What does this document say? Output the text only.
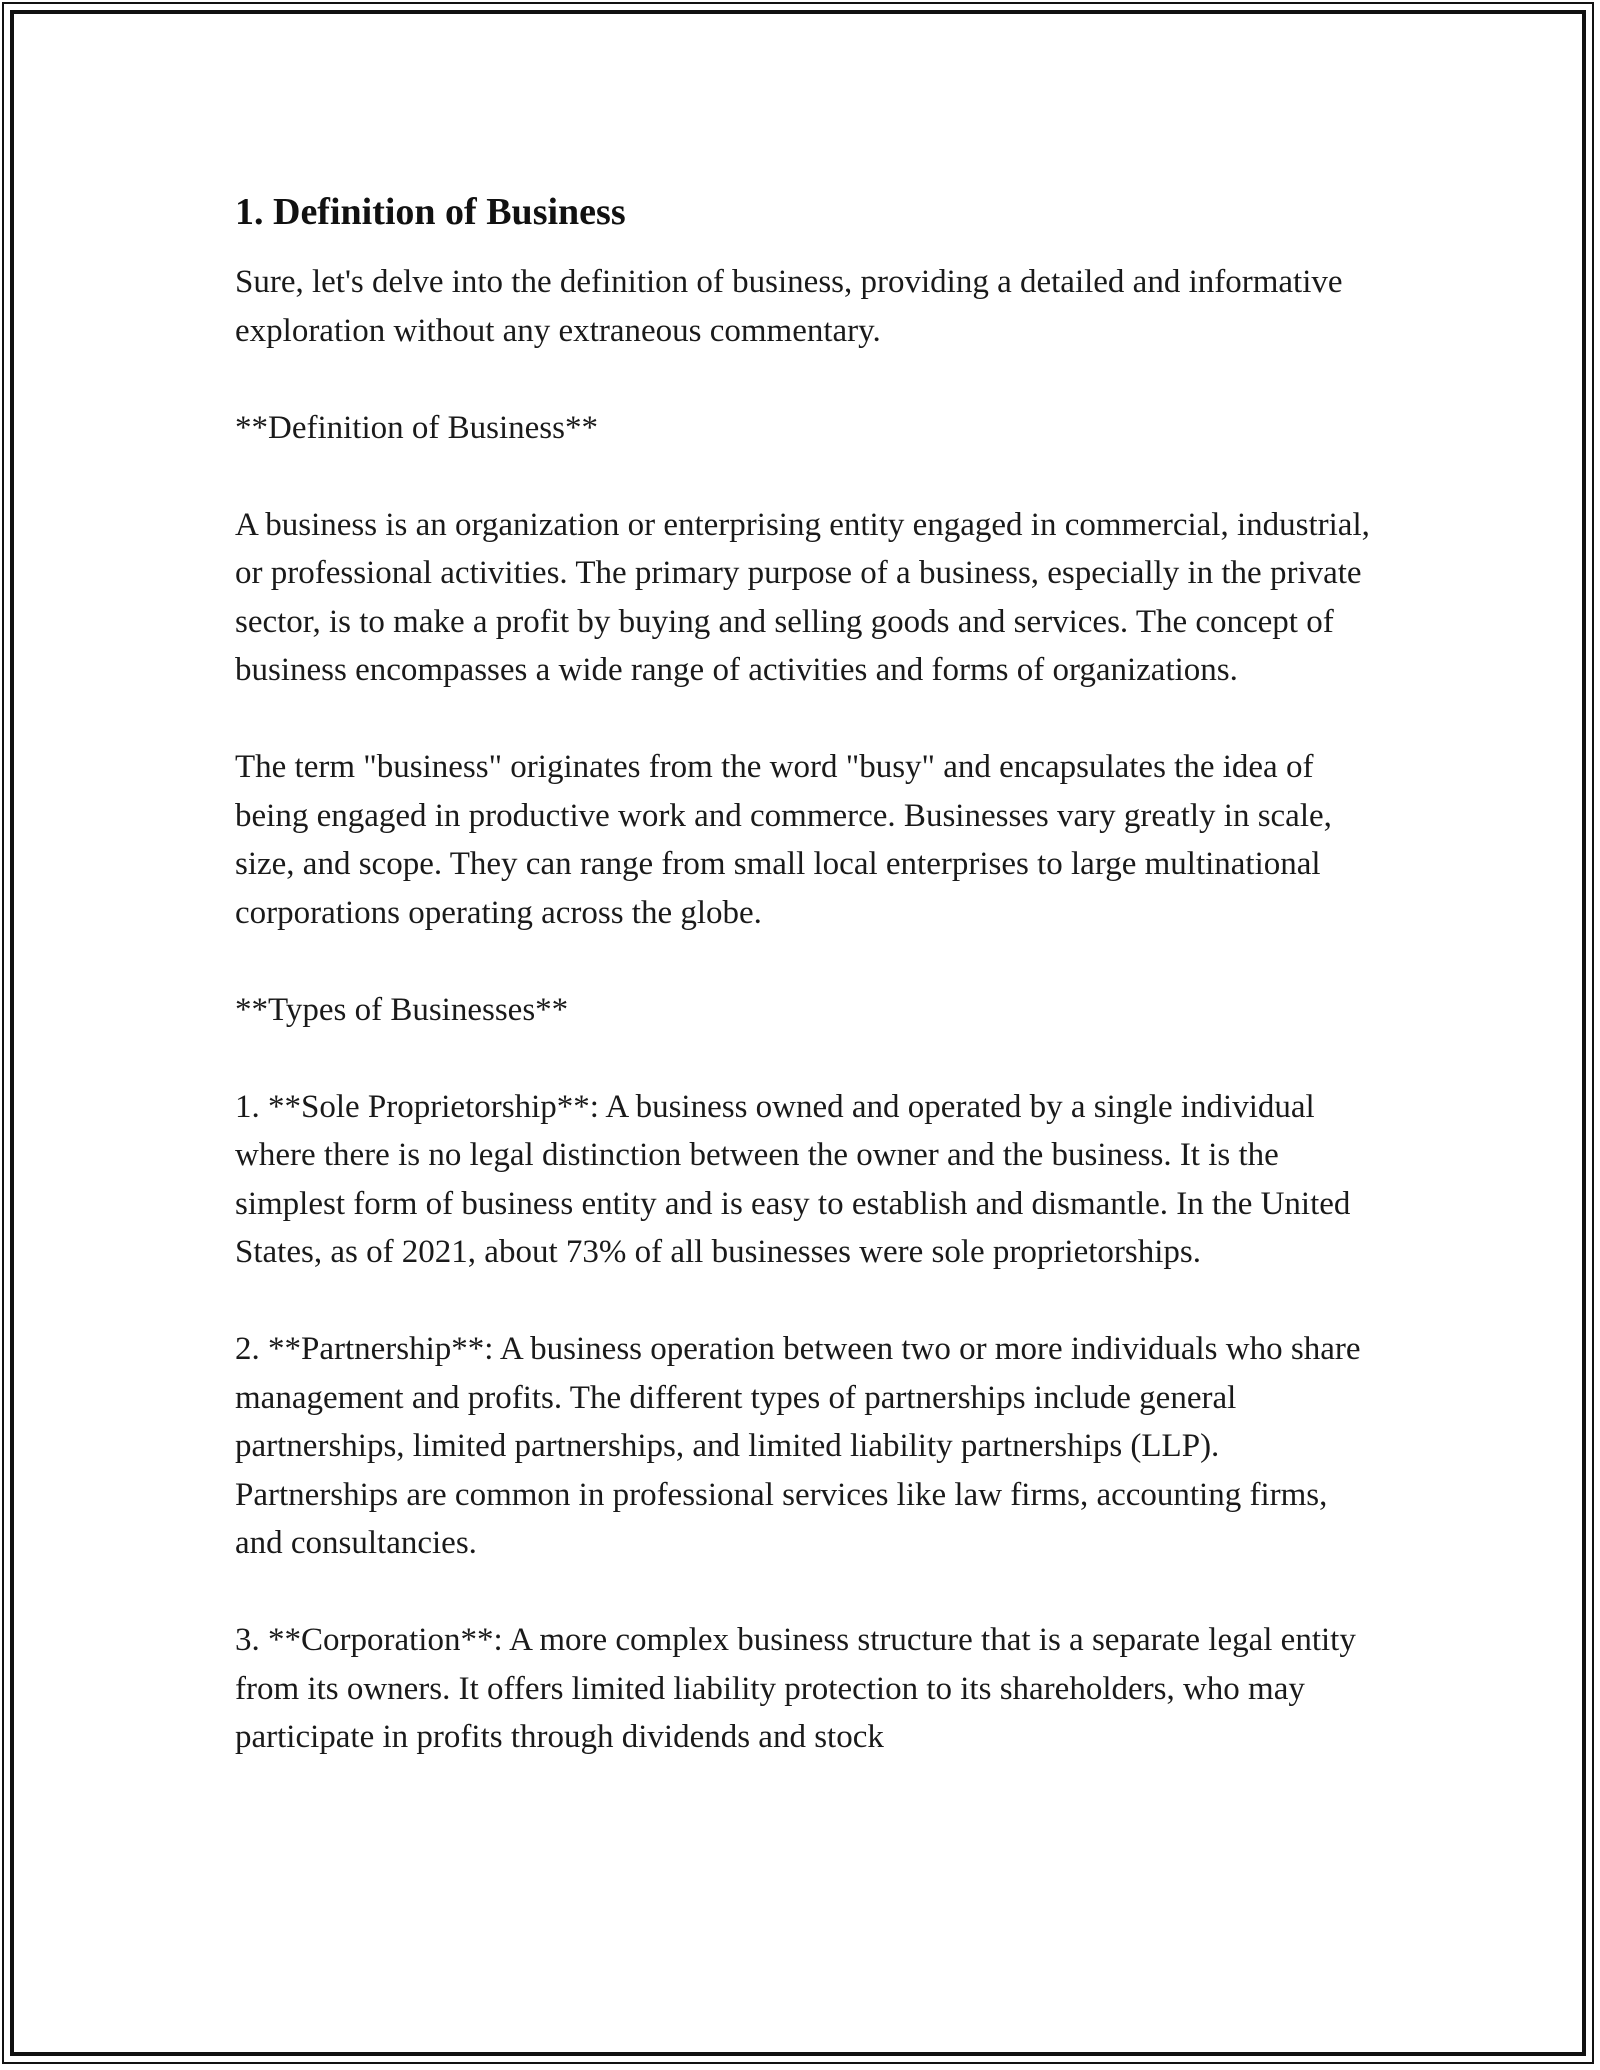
1. Definition of Business

Sure, let's delve into the definition of business, providing a detailed and informative exploration without any extraneous commentary.

**Definition of Business**

A business is an organization or enterprising entity engaged in commercial, industrial, or professional activities. The primary purpose of a business, especially in the private sector, is to make a profit by buying and selling goods and services. The concept of business encompasses a wide range of activities and forms of organizations.

The term "business" originates from the word "busy" and encapsulates the idea of being engaged in productive work and commerce. Businesses vary greatly in scale, size, and scope. They can range from small local enterprises to large multinational corporations operating across the globe.

**Types of Businesses**

1. **Sole Proprietorship**: A business owned and operated by a single individual where there is no legal distinction between the owner and the business. It is the simplest form of business entity and is easy to establish and dismantle. In the United States, as of 2021, about 73% of all businesses were sole proprietorships.

2. **Partnership**: A business operation between two or more individuals who share management and profits. The different types of partnerships include general partnerships, limited partnerships, and limited liability partnerships (LLP). Partnerships are common in professional services like law firms, accounting firms, and consultancies.

3. **Corporation**: A more complex business structure that is a separate legal entity from its owners. It offers limited liability protection to its shareholders, who may participate in profits through dividends and stock
